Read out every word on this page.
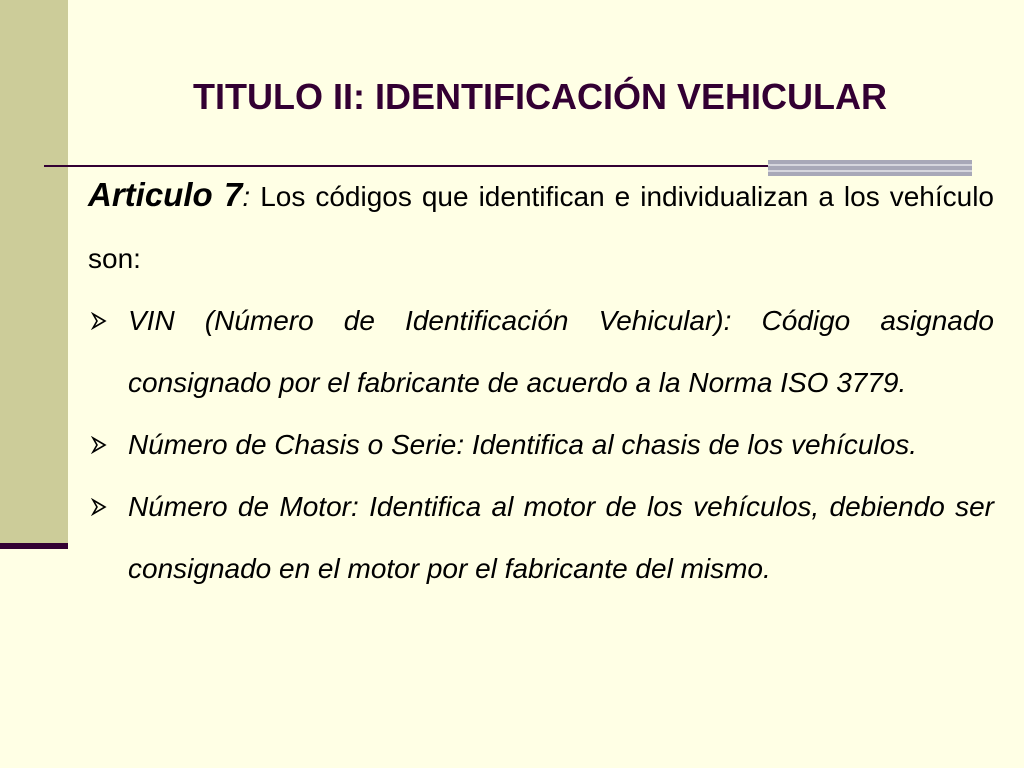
TITULO II: IDENTIFICACIÓN VEHICULAR

Articulo 7: Los códigos que identifican e individualizan a los vehículo son:

VIN (Número de Identificación Vehicular): Código asignado consignado por el fabricante de acuerdo a la Norma ISO 3779.
Número de Chasis o Serie: Identifica al chasis de los vehículos.
Número de Motor: Identifica al motor de los vehículos, debiendo ser consignado en el motor por el fabricante del mismo.
